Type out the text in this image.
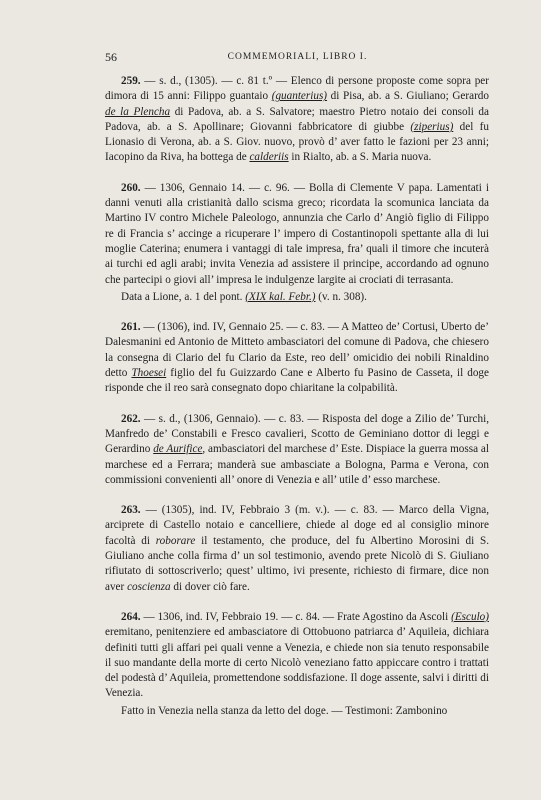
56	COMMEMORIALI, LIBRO I.

259. — s. d., (1305). — c. 81 t.º — Elenco di persone proposte come sopra per dimora di 15 anni: Filippo guantaio (guanterius) di Pisa, ab. a S. Giuliano; Gerardo de la Plencha di Padova, ab. a S. Salvatore; maestro Pietro notaio dei consoli da Padova, ab. a S. Apollinare; Giovanni fabbricatore di giubbe (ziperius) del fu Lionasio di Verona, ab. a S. Giov. nuovo, provò d’ aver fatto le fazioni per 23 anni; Iacopino da Riva, ha bottega de calderiis in Rialto, ab. a S. Maria nuova.

260. — 1306, Gennaio 14. — c. 96. — Bolla di Clemente V papa. Lamentati i danni venuti alla cristianità dallo scisma greco; ricordata la scomunica lanciata da Martino IV contro Michele Paleologo, annunzia che Carlo d’ Angiò figlio di Filippo re di Francia s’ accinge a ricuperare l’ impero di Costantinopoli spettante alla di lui moglie Caterina; enumera i vantaggi di tale impresa, fra’ quali il timore che incuterà ai turchi ed agli arabi; invita Venezia ad assistere il principe, accordando ad ognuno che partecipi o giovi all’ impresa le indulgenze largite ai crociati di terrasanta.

Data a Lione, a. 1 del pont. (XIX kal. Febr.) (v. n. 308).

261. — (1306), ind. IV, Gennaio 25. — c. 83. — A Matteo de’ Cortusi, Uberto de’ Dalesmanini ed Antonio de Mitteto ambasciatori del comune di Padova, che chiesero la consegna di Clario del fu Clario da Este, reo dell’ omicidio dei nobili Rinaldino detto Thoesei figlio del fu Guizzardo Cane e Alberto fu Pasino de Casseta, il doge risponde che il reo sarà consegnato dopo chiaritane la colpabilità.

262. — s. d., (1306, Gennaio). — c. 83. — Risposta del doge a Zilio de’ Turchi, Manfredo de’ Constabili e Fresco cavalieri, Scotto de Geminiano dottor di leggi e Gerardino de Aurifice, ambasciatori del marchese d’ Este. Dispiace la guerra mossa al marchese ed a Ferrara; manderà sue ambasciate a Bologna, Parma e Verona, con commissioni convenienti all’ onore di Venezia e all’ utile d’ esso marchese.

263. — (1305), ind. IV, Febbraio 3 (m. v.). — c. 83. — Marco della Vigna, arciprete di Castello notaio e cancelliere, chiede al doge ed al consiglio minore facoltà di roborare il testamento, che produce, del fu Albertino Morosini di S. Giuliano anche colla firma d’ un sol testimonio, avendo prete Nicolò di S. Giuliano rifiutato di sottoscriverlo; quest’ ultimo, ivi presente, richiesto di firmare, dice non aver coscienza di dover ciò fare.

264. — 1306, ind. IV, Febbraio 19. — c. 84. — Frate Agostino da Ascoli (Esculo) eremitano, penitenziere ed ambasciatore di Ottobuono patriarca d’ Aquileia, dichiara definiti tutti gli affari pei quali venne a Venezia, e chiede non sia tenuto responsabile il suo mandante della morte di certo Nicolò veneziano fatto appiccare contro i trattati del podestà d’ Aquileia, promettendone soddisfazione. Il doge assente, salvi i diritti di Venezia.

Fatto in Venezia nella stanza da letto del doge. — Testimoni: Zambonino
